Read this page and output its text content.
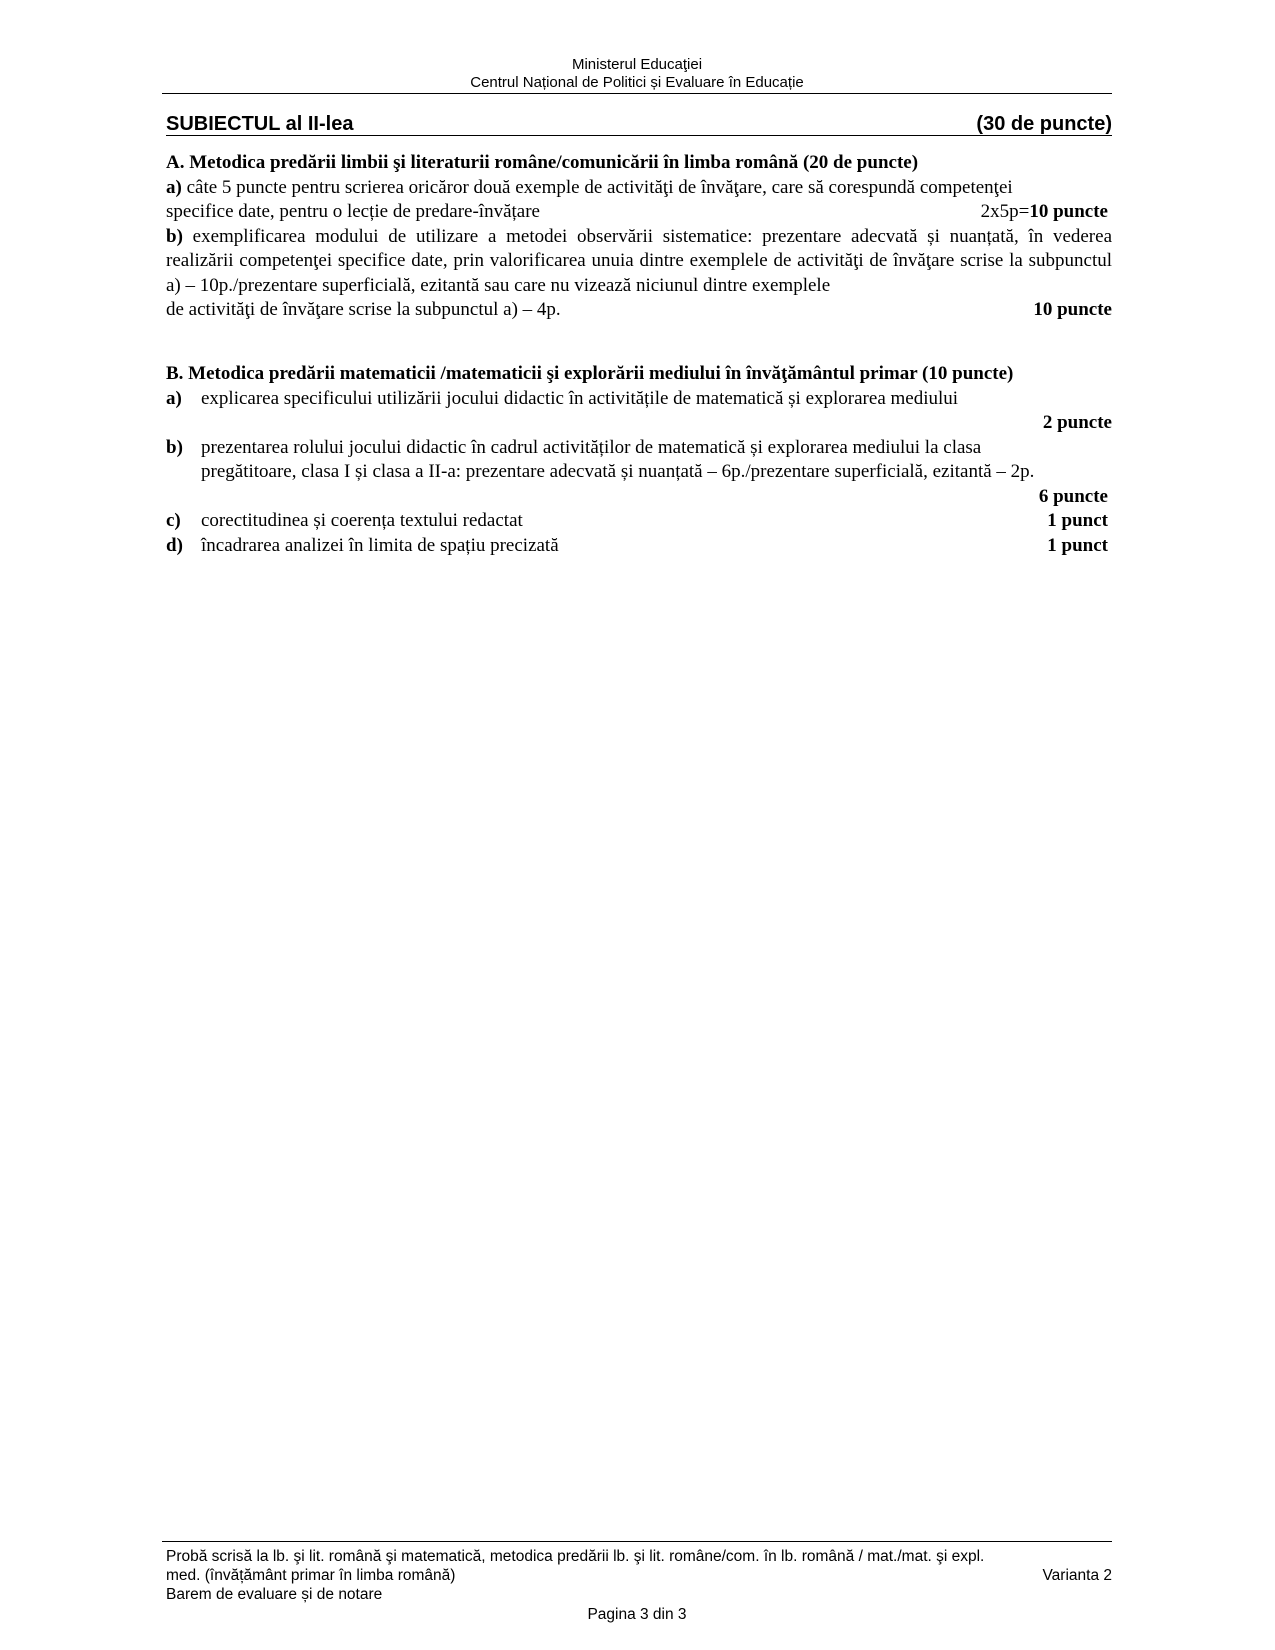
Ministerul Educaţiei
Centrul Național de Politici și Evaluare în Educație
SUBIECTUL al II-lea	(30 de puncte)
A. Metodica predării limbii şi literaturii române/comunicării în limba română (20 de puncte)
a) câte 5 puncte pentru scrierea oricăror două exemple de activităţi de învăţare, care să corespundă competenţei
specifice date, pentru o lecție de predare-învățare	2x5p=10 puncte
b) exemplificarea modului de utilizare a metodei observării sistematice: prezentare adecvată și nuanțată, în vederea realizării competenţei specifice date, prin valorificarea unuia dintre exemplele de activităţi de învăţare scrise la subpunctul a) – 10p./prezentare superficială, ezitantă sau care nu vizează niciunul dintre exemplele
de activităţi de învăţare scrise la subpunctul a) – 4p.	10 puncte
B. Metodica predării matematicii /matematicii şi explorării mediului în învăţământul primar (10 puncte)
a) explicarea specificului utilizării jocului didactic în activitățile de matematică și explorarea mediului
2 puncte
b) prezentarea rolului jocului didactic în cadrul activităților de matematică și explorarea mediului la clasa
pregătitoare, clasa I și clasa a II-a: prezentare adecvată și nuanțată – 6p./prezentare superficială, ezitantă – 2p.
6 puncte
c) corectitudinea și coerența textului redactat	1 punct
d) încadrarea analizei în limita de spațiu precizată	1 punct
Probă scrisă la lb. şi lit. română şi matematică, metodica predării lb. şi lit. române/com. în lb. română / mat./mat. şi expl.
med. (învățământ primar în limba română)	Varianta 2
Barem de evaluare și de notare
Pagina 3 din 3
